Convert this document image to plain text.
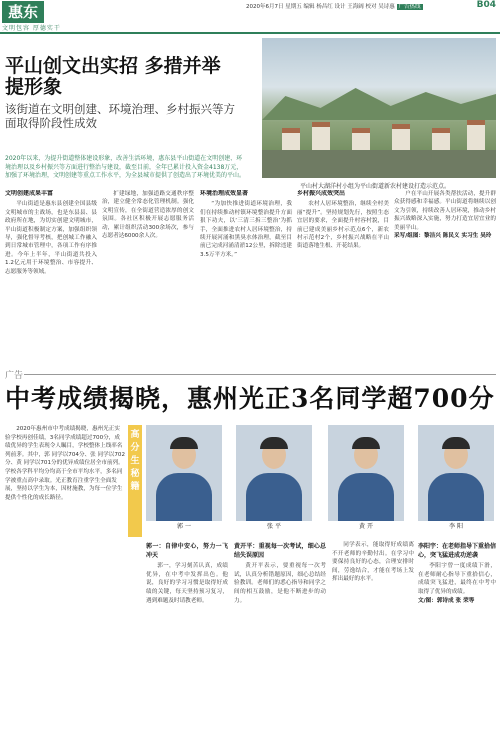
惠东
文明包容 厚德实干
2020年6月7日 星期五 编辑 杨昌红 设计 王海阔 校对 吴诗惠 广告热线	B04
平山创文出实招 多措并举提形象
该街道在文明创建、环境治理、乡村振兴等方面取得阶段性成效
2020年以来，为提升街道整体建设形象，改善生活环境，惠东县平山街道在文明创建、环境治理以及乡村振兴等方面进行整治与建设，截至目前，全年已累计投入资金4138万元，加强了环境治理，文明创建等重点工作水平，为全县城市提供了创造出了环境优美的平山。
平山村大湖洋村小组为平山街道新农村建设打造示范点。
文明创建成果丰富

平山街道是惠东县创建全国县级文明城市的主战场，也是东县县、县政府所在地，为切实创建文明城市，平山街道积极制定方案，加强组织领导，强化督导考核，把创城工作融入到日常城市管理中，各项工作有序推进。今年上半年，平山街道共投入1.2亿元用于环境整治、市容提升、志愿服务等领域。

扩建绿地，加强道路交通秩序整治，建立健全常态化管理机制。强化文明宣传，在全街道营造浓厚的创文氛围。各社区积极开展志愿服务活动，累计组织活动300余场次，参与志愿者达6000余人次。

环境治理成效显著

“为加快推进街道环境治理，我们在持续推动村镇环境整治提升方面狠下功夫，以‘三清三拆三整治’为抓手，全面推进农村人居环境整治，持续开展河涌和黑臭水体治理，截至目前已完成河涌清淤12公里，拆除违建3.5万平方米。”

乡村振兴成效突出

农村人居环境整治，继续全村美丽“提升”。坚持规划先行，按照生态宜居的要求，全面提升村容村貌，目前已建成美丽乡村示范点6个，新农村示范村2个，乡村振兴战略在平山街道落地生根、开花结果。

户在平山开展各类帮扶活动，提升群众获得感和幸福感。平山街道将继续以创文为引领，持续改善人居环境，推动乡村振兴战略深入实施，努力打造宜居宜业的美丽平山。

采写/组图：黎洁兴 陈民义 实习生 吴玲
广告
中考成绩揭晓，惠州光正3名同学超700分

2020年惠州市中考成绩揭晓，惠州光正实验学校再创佳绩，3名同学成绩超过700分，成绩优异的学生表现令人瞩目，学校整体上线率名列前茅。其中，郭 同学以704分、张 同学以702分、黄 同学以701分的优异成绩位居全市前列。学校各学科平均分均高于全市平均水平，多名同学被重点高中录取。光正教育注重学生全面发展，坚持以学生为本，因材施教，为每一位学生提供个性化的成长路径。

高分生秘籍
郭 一	张 平	黄 开	李 阳
郭一：自律中安心，努力一飞冲天

郭一，学习刻苦认真，成绩优异，在中考中发挥出色。他说，良好的学习习惯是取得好成绩的关键，每天坚持预习复习，遇到难题及时请教老师。

黄开平：重视每一次考试，细心总结失误原因

黄开平表示，要重视每一次考试，认真分析错题原因，细心总结经验教训。老师们的悉心指导和同学之间的相互鼓励，是他不断进步的动力。

同学表示，能取得好成绩离不开老师的辛勤付出。在学习中要保持良好的心态，合理安排时间，劳逸结合，才能在考场上发挥出最好的水平。

李阳宇：在老师指导下重拾信心，突飞猛进成功逆袭

李阳宇曾一度成绩下滑，在老师耐心指导下重拾信心，成绩突飞猛进，最终在中考中取得了优异的成绩。

文/图：郭诗成 张 荣等
